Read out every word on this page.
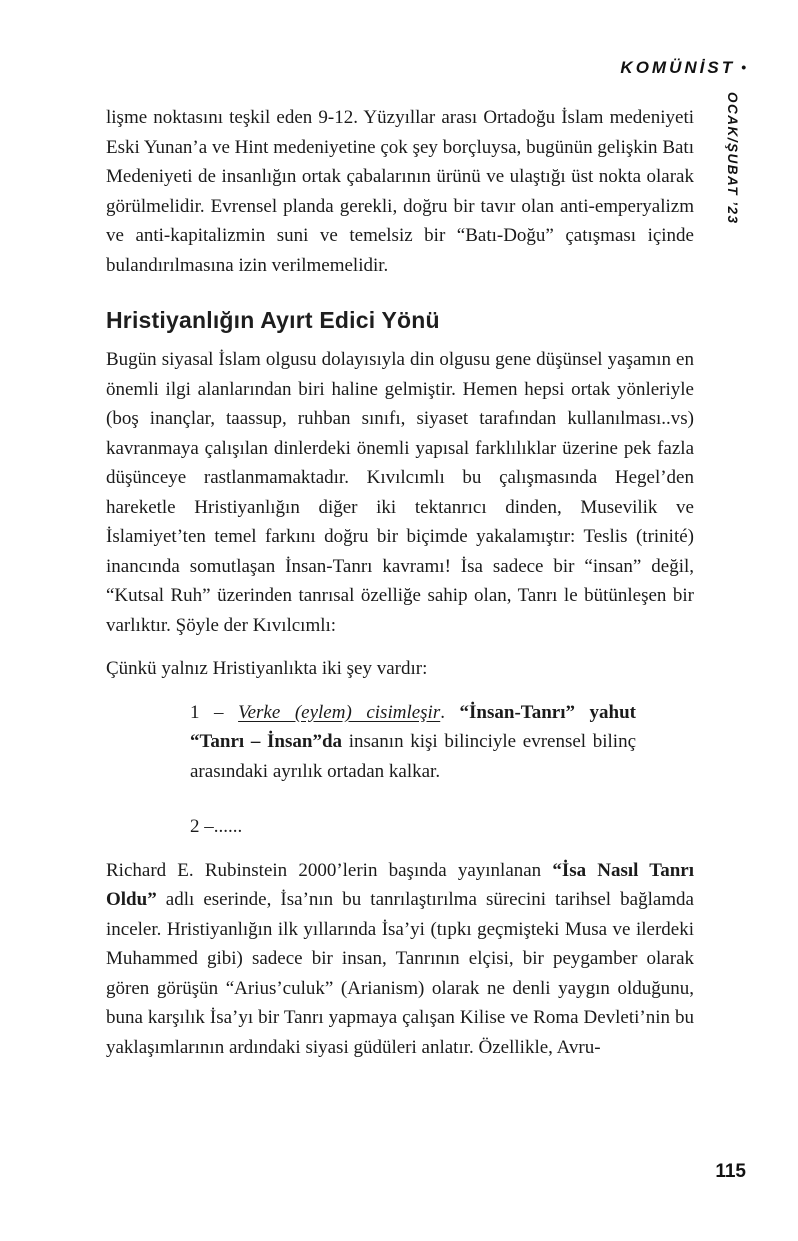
KOMÜNİST •
OCAK/ŞUBAT ’23

lişme noktasını teşkil eden 9-12. Yüzyıllar arası Ortadoğu İslam medeniyeti Eski Yunan’a ve Hint medeniyetine çok şey borçluysa, bugünün gelişkin Batı Medeniyeti de insanlığın ortak çabalarının ürünü ve ulaştığı üst nokta olarak görülmelidir. Evrensel planda gerekli, doğru bir tavır olan anti-emperyalizm ve anti-kapitalizmin suni ve temelsiz bir “Batı-Doğu” çatışması içinde bulandırılmasına izin verilmemelidir.

Hristiyanlığın Ayırt Edici Yönü

Bugün siyasal İslam olgusu dolayısıyla din olgusu gene düşünsel yaşamın en önemli ilgi alanlarından biri haline gelmiştir. Hemen hepsi ortak yönleriyle (boş inançlar, taassup, ruhban sınıfı, siyaset tarafından kullanılması..vs) kavranmaya çalışılan dinlerdeki önemli yapısal farklılıklar üzerine pek fazla düşünceye rastlanmamaktadır. Kıvılcımlı bu çalışmasında Hegel’den hareketle Hristiyanlığın diğer iki tektanrıcı dinden, Musevilik ve İslamiyet’ten temel farkını doğru bir biçimde yakalamıştır: Teslis (trinité) inancında somutlaşan İnsan-Tanrı kavramı! İsa sadece bir “insan” değil, “Kutsal Ruh” üzerinden tanrısal özelliğe sahip olan, Tanrı le bütünleşen bir varlıktır. Şöyle der Kıvılcımlı:

Çünkü yalnız Hristiyanlıkta iki şey vardır:

1 – Verke (eylem) cisimleşir. “İnsan-Tanrı” yahut “Tanrı – İnsan”da insanın kişi bilinciyle evrensel bilinç arasındaki ayrılık ortadan kalkar.

2 –......

Richard E. Rubinstein 2000’lerin başında yayınlanan “İsa Nasıl Tanrı Oldu” adlı eserinde, İsa’nın bu tanrılaştırılma sürecini tarihsel bağlamda inceler. Hristiyanlığın ilk yıllarında İsa’yi (tıpkı geçmişteki Musa ve ilerdeki Muhammed gibi) sadece bir insan, Tanrının elçisi, bir peygamber olarak gören görüşün “Arius’culuk” (Arianism) olarak ne denli yaygın olduğunu, buna karşılık İsa’yı bir Tanrı yapmaya çalışan Kilise ve Roma Devleti’nin bu yaklaşımlarının ardındaki siyasi güdüleri anlatır. Özellikle, Avru-

115
